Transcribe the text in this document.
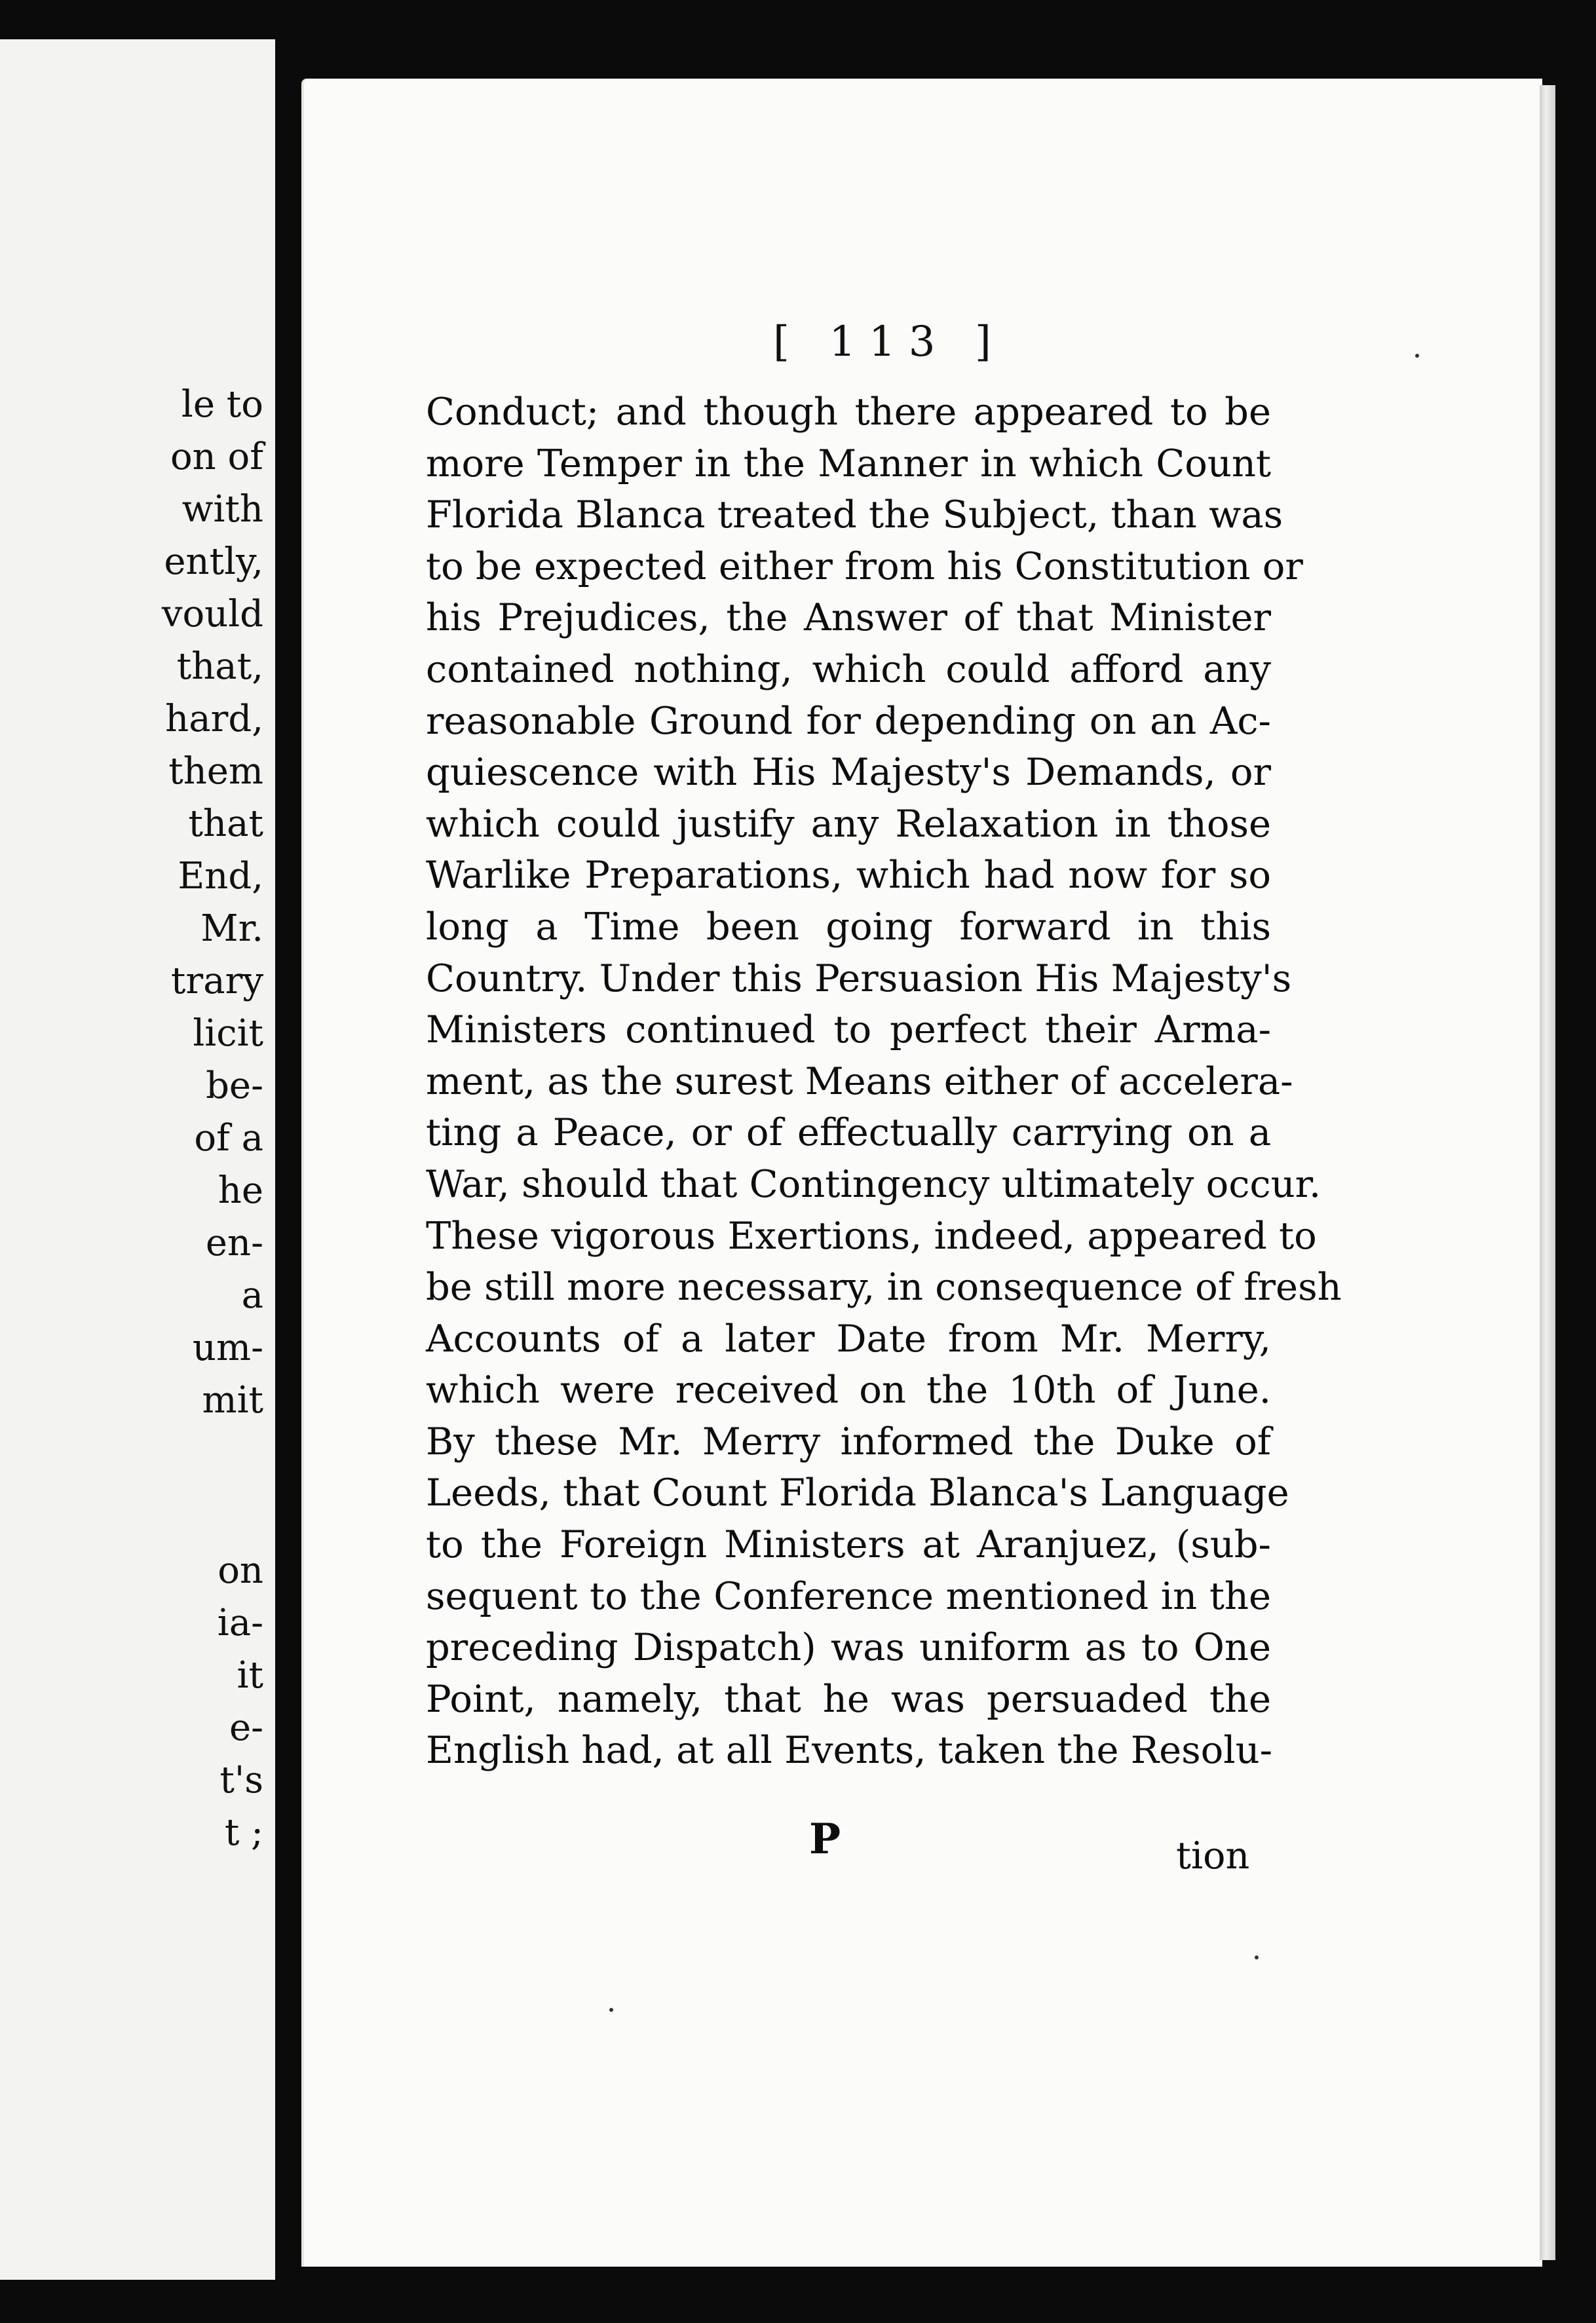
le to
on of
with
ently,
vould
that,
hard,
them
that
End,
Mr.
trary
licit
be-
of a
he
en-
a
um-
mit
on
ia-
it
e-
t's
t ;
[ 113 ]
Conduct; and though there appeared to be
more Temper in the Manner in which Count
Florida Blanca treated the Subject, than was
to be expected either from his Constitution or
his Prejudices, the Answer of that Minister
contained nothing, which could afford any
reasonable Ground for depending on an Ac-
quiescence with His Majesty's Demands, or
which could justify any Relaxation in those
Warlike Preparations, which had now for so
long a Time been going forward in this
Country. Under this Persuasion His Majesty's
Ministers continued to perfect their Arma-
ment, as the surest Means either of accelera-
ting a Peace, or of effectually carrying on a
War, should that Contingency ultimately occur.
These vigorous Exertions, indeed, appeared to
be still more necessary, in consequence of fresh
Accounts of a later Date from Mr. Merry,
which were received on the 10th of June.
By these Mr. Merry informed the Duke of
Leeds, that Count Florida Blanca's Language
to the Foreign Ministers at Aranjuez, (sub-
sequent to the Conference mentioned in the
preceding Dispatch) was uniform as to One
Point, namely, that he was persuaded the
English had, at all Events, taken the Resolu-
P	tion
